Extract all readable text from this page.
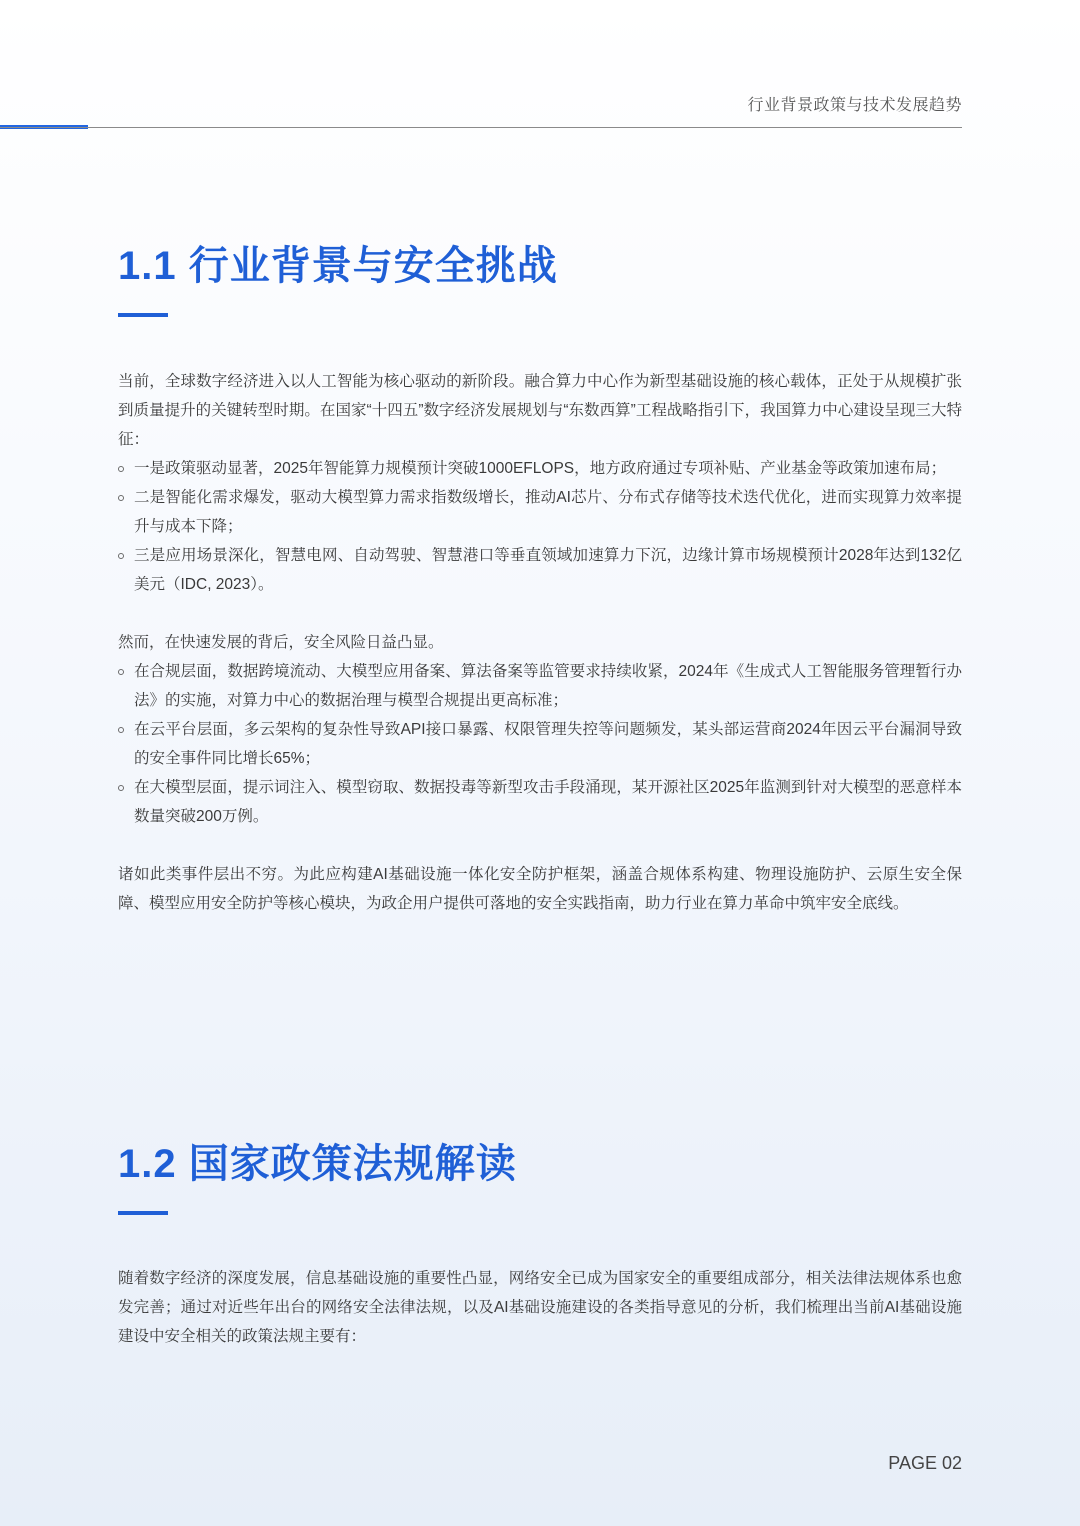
行业背景政策与技术发展趋势
1.1 行业背景与安全挑战

当前，全球数字经济进入以人工智能为核心驱动的新阶段。融合算力中心作为新型基础设施的核心载体，正处于从规模扩张到质量提升的关键转型时期。在国家“十四五”数字经济发展规划与“东数西算”工程战略指引下，我国算力中心建设呈现三大特征：

一是政策驱动显著，2025年智能算力规模预计突破1000EFLOPS，地方政府通过专项补贴、产业基金等政策加速布局；
二是智能化需求爆发，驱动大模型算力需求指数级增长，推动AI芯片、分布式存储等技术迭代优化，进而实现算力效率提升与成本下降；
三是应用场景深化，智慧电网、自动驾驶、智慧港口等垂直领域加速算力下沉，边缘计算市场规模预计2028年达到132亿美元（IDC, 2023）。

然而，在快速发展的背后，安全风险日益凸显。

在合规层面，数据跨境流动、大模型应用备案、算法备案等监管要求持续收紧，2024年《生成式人工智能服务管理暂行办法》的实施，对算力中心的数据治理与模型合规提出更高标准；
在云平台层面，多云架构的复杂性导致API接口暴露、权限管理失控等问题频发，某头部运营商2024年因云平台漏洞导致的安全事件同比增长65%；
在大模型层面，提示词注入、模型窃取、数据投毒等新型攻击手段涌现，某开源社区2025年监测到针对大模型的恶意样本数量突破200万例。

诸如此类事件层出不穷。为此应构建AI基础设施一体化安全防护框架，涵盖合规体系构建、物理设施防护、云原生安全保障、模型应用安全防护等核心模块，为政企用户提供可落地的安全实践指南，助力行业在算力革命中筑牢安全底线。

1.2 国家政策法规解读

随着数字经济的深度发展，信息基础设施的重要性凸显，网络安全已成为国家安全的重要组成部分，相关法律法规体系也愈发完善；通过对近些年出台的网络安全法律法规，以及AI基础设施建设的各类指导意见的分析，我们梳理出当前AI基础设施建设中安全相关的政策法规主要有：

PAGE 02
